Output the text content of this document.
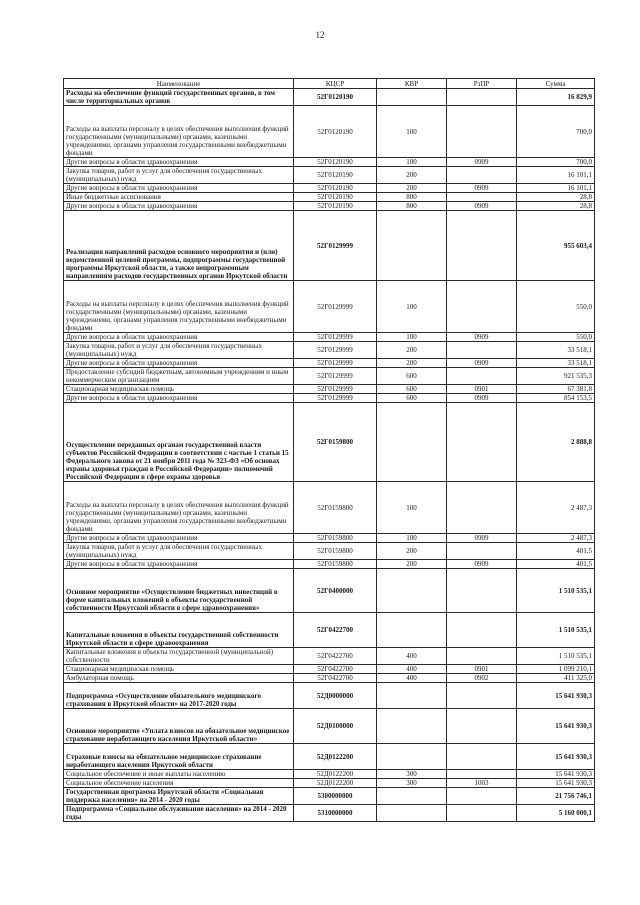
12
Наименование	КЦСР	КВР	РзПР	Сумма
Расходы на обеспечение функций государственных органов, в том числе территориальных органов	52Г0120190			16 829,9
Расходы на выплаты персоналу в целях обеспечения выполнения функций государственными (муниципальными) органами, казенными учреждениями, органами управления государственными внебюджетными фондами	52Г0120190	100		700,0
Другие вопросы в области здравоохранения	52Г0120190	100	0909	700,0
Закупка товаров, работ и услуг для обеспечения государственных (муниципальных) нужд	52Г0120190	200		16 101,1
Другие вопросы в области здравоохранения	52Г0120190	200	0909	16 101,1
Иные бюджетные ассигнования	52Г0120190	800		28,8
Другие вопросы в области здравоохранения	52Г0120190	800	0909	28,8
Реализация направлений расходов основного мероприятия и (или) ведомственной целевой программы, подпрограммы государственной программы Иркутской области, а также непрограммным направлениям расходов государственных органов Иркутской области	52Г0129999			955 603,4
Расходы на выплаты персоналу в целях обеспечения выполнения функций государственными (муниципальными) органами, казенными учреждениями, органами управления государственными внебюджетными фондами	52Г0129999	100		550,0
Другие вопросы в области здравоохранения	52Г0129999	100	0909	550,0
Закупка товаров, работ и услуг для обеспечения государственных (муниципальных) нужд	52Г0129999	200		33 518,1
Другие вопросы в области здравоохранения	52Г0129999	200	0909	33 518,1
Предоставление субсидий бюджетным, автономным учреждениям и иным некоммерческим организациям	52Г0129999	600		921 535,3
Стационарная медицинская помощь	52Г0129999	600	0901	67 381,8
Другие вопросы в области здравоохранения	52Г0129999	600	0909	854 153,5
Осуществление переданных органам государственной власти субъектов Российской Федерации в соответствии с частью 1 статьи 15 Федерального закона от 21 ноября 2011 года № 323-ФЗ «Об основах охраны здоровья граждан в Российской Федерации» полномочий Российской Федерации в сфере охраны здоровья	52Г0159800			2 888,8
Расходы на выплаты персоналу в целях обеспечения выполнения функций государственными (муниципальными) органами, казенными учреждениями, органами управления государственными внебюджетными фондами	52Г0159800	100		2 487,3
Другие вопросы в области здравоохранения	52Г0159800	100	0909	2 487,3
Закупка товаров, работ и услуг для обеспечения государственных (муниципальных) нужд	52Г0159800	200		401,5
Другие вопросы в области здравоохранения	52Г0159800	200	0909	401,5
Основное мероприятие «Осуществление бюджетных инвестиций в форме капитальных вложений в объекты государственной собственности Иркутской области в сфере здравоохранения»	52Г0400000			1 510 535,1
Капитальные вложения в объекты государственной собственности Иркутской области в сфере здравоохранения	52Г0422700			1 510 535,1
Капитальные вложения в объекты государственной (муниципальной) собственности	52Г0422700	400		1 510 535,1
Стационарная медицинская помощь	52Г0422700	400	0901	1 099 210,1
Амбулаторная помощь	52Г0422700	400	0902	411 325,0
Подпрограмма «Осуществление обязательного медицинского страхования в Иркутской области» на 2017-2020 годы	52Д0000000			15 641 930,3
Основное мероприятие «Уплата взносов на обязательное медицинское страхование неработающего населения Иркутской области»	52Д0100000			15 641 930,3
Страховые взносы на обязательное медицинское страхование неработающего населения Иркутской области	52Д0122200			15 641 930,3
Социальное обеспечение и иные выплаты населению	52Д0122200	300		15 641 930,3
Социальное обеспечение населения	52Д0122200	300	1003	15 641 930,3
Государственная программа Иркутской области «Социальная поддержка населения» на 2014 - 2020 годы	5300000000			21 756 746,1
Подпрограмма «Социальное обслуживание населения» на 2014 - 2020 годы	5310000000			5 160 000,1
